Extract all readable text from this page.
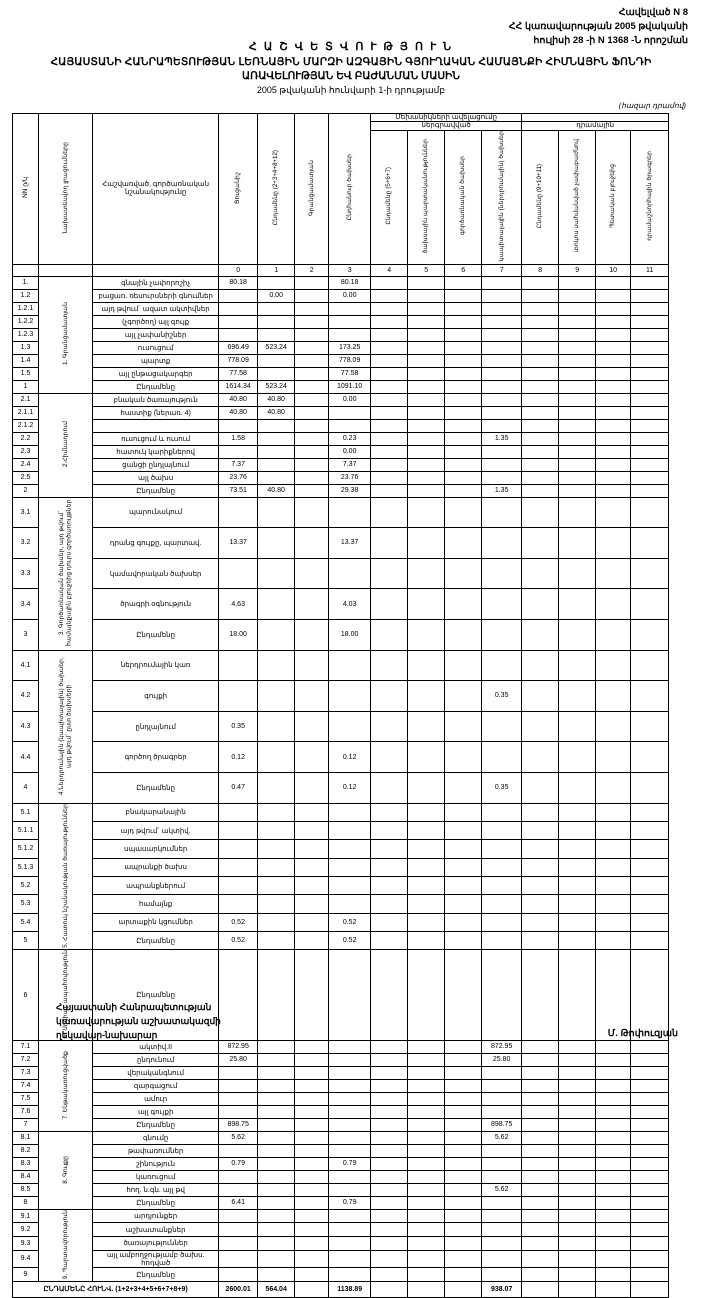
Հավելված N 8
ՀՀ կառավարության 2005 թվականի
հուլիսի 28 -ի N 1368 -Ն որոշման
Հ Ա Շ Վ Ե Տ Վ Ո Ւ Թ Յ Ո Ւ Ն
ՀԱՅԱՍՏԱՆԻ ՀԱՆՐԱՊԵՏՈՒԹՅԱՆ ԼԵՌՆԱՅԻՆ ՄԱՐԶԻ ԱԶԳԱՅԻՆ ԳՅՈՒՂԱԿԱՆ ՀԱՄԱՅՆՔԻ ՀԻՄՆԱՅԻՆ ՖՈՆԴԻ
ԱՌԱՎԵԼՈՒԹՅԱՆ ԵՎ ԲԱԺԱՆՄԱՆ ՄԱՍԻՆ
2005 թվականի հունվարի 1-ի դրությամբ
(հազար դրամով)
NN ը/կ	Նախատեսվող լրացումները	Հաշվառված, գործառնական նշանակությունը	Ցուցանիշ	Ընդամենը (2+3+4+8+12)	Գրանցամատյան	Ընդհանուր ծախսեր	Մեխանիկների ավելացումը							
							ներգրավված				դրամային			
							Ընդամենը (5+6+7)	ծախսային պարտականություններ	գործառնական ծախսեր	կապիտալային (ներդրումային) ծախսեր	Ընդամենը (9+10+11)	տոկոս սահմանված չափաբաժնով	Պետական բյուջեից	դրամաշնորհային ծրագրեր
			0	1	2	3	4	5	6	7	8	9	10	11
1.	1. Գրանցամատյան	գնային չափորոշիչ	80.18			80.18								
1.2		բացառ. ռեսուրսների գնումներ		0.00		0.00								
1.2.1		այդ թվում` ազատ ակտիվներ												
1.2.2		(չգործող) այլ գույք												
1.2.3		այլ չափանիշներ												
1.3		ուսուցում	696.49	523.24		173.25								
1.4		պարտք	778.09			778.09								
1.5		այլ ընթացակարգեր	77.58			77.58								
1		Ընդամենը	1614.34	523.24		1091.10								
2.1	2.Հիմնադրում	բնական ծառայություն	40.80	40.80		0.00								
2.1.1		հաստիք (ներառ. 4)	40.80	40.80										
2.1.2														
2.2		ուսուցում և ուսում	1.58			0.23				1.35				
2.3		հատուկ կարիքներով				0.00								
2.4		ցանցի ընդլայնում	7.37			7.37								
2.5		այլ ծախս	23.76			23.76								
2		Ընդամենը	73.51	40.80		29.38				1.35				
3.1	3. Գործառնական ծախսեր, այդ թվում` համայնքային բյուջեից դուրս գործառույթներ	պարունակում												
3.2		դրանց գույքը, պարտավ.	13.37			13.37								
3.3		կամավորական ծախսեր												
3.4		ծրագրի օգնություն	4.63			4.03								
3		Ընդամենը	18.00			18.00								
4.1	4.Ներդրումային (կապիտալային) ծախսեր, այդ թվում` ըստ ծախսերի	ներդրումային կառ												
4.2		գույքի								0.35				
4.3		ընդլայնում	0.35											
4.4		գործող ծրագրեր	0.12			0.12								
4		Ընդամենը	0.47			0.12				0.35				
5.1	5. Հատուկ նշանակության ծառայություններ	բնակարանային												
5.1.1		այդ թվում` ակտիվ.												
5.1.2		սպասարկումներ												
5.1.3		ապրանքի ծախս												
5.2		ապրանքներում												
5.3		համայնք												
5.4		արտաքին կցումներ	0.52			0.52								
5		Ընդամենը	0.52			0.52								
6	6. Սոցիալ. ապահովություն	Ընդամենը												
7.1	7. Ենթակառուցվածք	ակտիվ.II	872.95							872.95				
7.2		ընդունում	25.80							25.80				
7.3		վերականգնում												
7.4		զարգացում												
7.5		ամուր												
7.6		այլ գույքի												
7		Ընդամենը	898.75							898.75				
8.1	8. Գույքը	գնումը	5.62							5.62				
8.2		թափառումներ												
8.3		շինություն	0.79			0.79								
8.4		կառուցում												
8.5		հող. ն.գն. այլ թվ								5.62				
8		Ընդամենը	6.41			0.79								
9.1	9. Պարտավորություն	արդյունքեր												
9.2		աշխատանքներ												
9.3		ծառայություններ												
9.4		այլ ամբողջությամբ ծախս. հոդված												
9		Ընդամենը												
ԸՆԴԱՄԵՆԸ ՀՈՒՆՎ. (1+2+3+4+5+6+7+8+9)			2600.01	564.04		1138.89				938.07				
Հայաստանի Հանրապետության
կառավարության աշխատակազմի
ղեկավար-նախարար	Մ. Թոփուզյան
